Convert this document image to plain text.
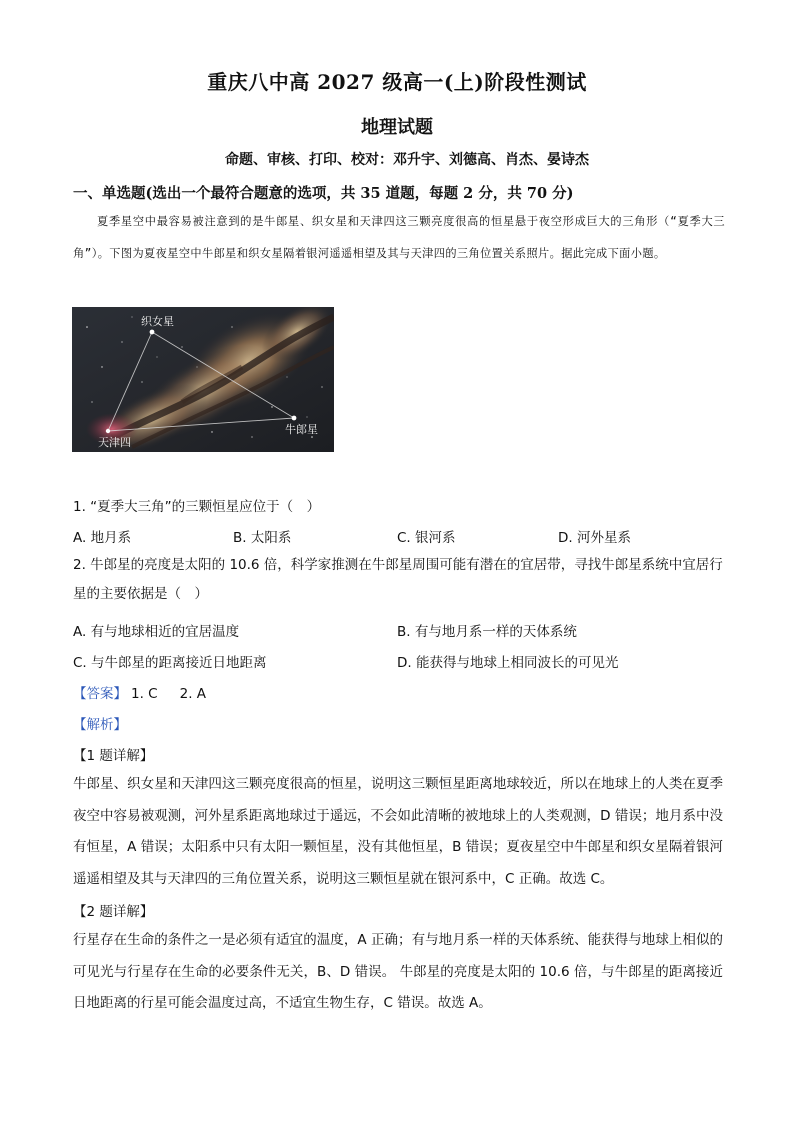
重庆八中高 2027 级高一(上)阶段性测试
地理试题
命题、审核、打印、校对：邓升宇、刘德高、肖杰、晏诗杰
一、单选题(选出一个最符合题意的选项，共 35 道题，每题 2 分，共 70 分)
夏季星空中最容易被注意到的是牛郎星、织女星和天津四这三颗亮度很高的恒星悬于夜空形成巨大的三角形（“夏季大三角”）。下图为夏夜星空中牛郎星和织女星隔着银河遥遥相望及其与天津四的三角位置关系照片。据此完成下面小题。
织女星
天津四
牛郎星
1. “夏季大三角”的三颗恒星应位于（　）
A. 地月系	B. 太阳系	C. 银河系	D. 河外星系
2. 牛郎星的亮度是太阳的 10.6 倍，科学家推测在牛郎星周围可能有潜在的宜居带，寻找牛郎星系统中宜居行星的主要依据是（　）
A. 有与地球相近的宜居温度	B. 有与地月系一样的天体系统
C. 与牛郎星的距离接近日地距离	D. 能获得与地球上相同波长的可见光
【答案】 1. C 2. A
【解析】
【1 题详解】
牛郎星、织女星和天津四这三颗亮度很高的恒星，说明这三颗恒星距离地球较近，所以在地球上的人类在夏季夜空中容易被观测，河外星系距离地球过于遥远，不会如此清晰的被地球上的人类观测，D 错误；地月系中没有恒星，A 错误；太阳系中只有太阳一颗恒星，没有其他恒星，B 错误；夏夜星空中牛郎星和织女星隔着银河遥遥相望及其与天津四的三角位置关系，说明这三颗恒星就在银河系中，C 正确。故选 C。
【2 题详解】
行星存在生命的条件之一是必须有适宜的温度，A 正确；有与地月系一样的天体系统、能获得与地球上相似的可见光与行星存在生命的必要条件无关，B、D 错误。 牛郎星的亮度是太阳的 10.6 倍，与牛郎星的距离接近日地距离的行星可能会温度过高，不适宜生物生存，C 错误。故选 A。
